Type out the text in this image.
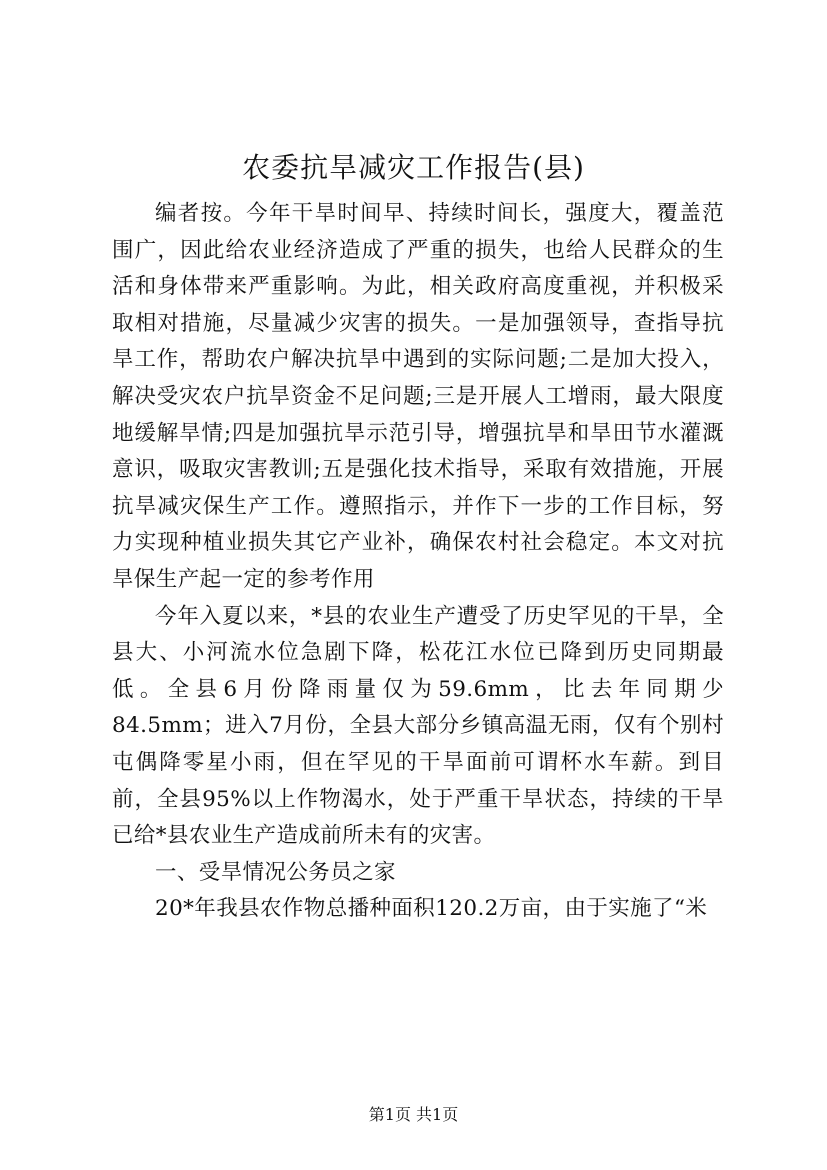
农委抗旱减灾工作报告(县)

编者按。今年干旱时间早、持续时间长，强度大，覆盖范围广，因此给农业经济造成了严重的损失，也给人民群众的生活和身体带来严重影响。为此，相关政府高度重视，并积极采取相对措施，尽量减少灾害的损失。一是加强领导，查指导抗旱工作，帮助农户解决抗旱中遇到的实际问题;二是加大投入，解决受灾农户抗旱资金不足问题;三是开展人工增雨，最大限度地缓解旱情;四是加强抗旱示范引导，增强抗旱和旱田节水灌溉意识，吸取灾害教训;五是强化技术指导，采取有效措施，开展抗旱减灾保生产工作。遵照指示，并作下一步的工作目标，努力实现种植业损失其它产业补，确保农村社会稳定。本文对抗旱保生产起一定的参考作用

今年入夏以来，*县的农业生产遭受了历史罕见的干旱，全县大、小河流水位急剧下降，松花江水位已降到历史同期最低。全县6月份降雨量仅为59.6mm，比去年同期少84.5mm；进入7月份，全县大部分乡镇高温无雨，仅有个别村屯偶降零星小雨，但在罕见的干旱面前可谓杯水车薪。到目前，全县95%以上作物渴水，处于严重干旱状态，持续的干旱已给*县农业生产造成前所未有的灾害。

一、受旱情况公务员之家

20*年我县农作物总播种面积120.2万亩，由于实施了“米

第1页 共1页
